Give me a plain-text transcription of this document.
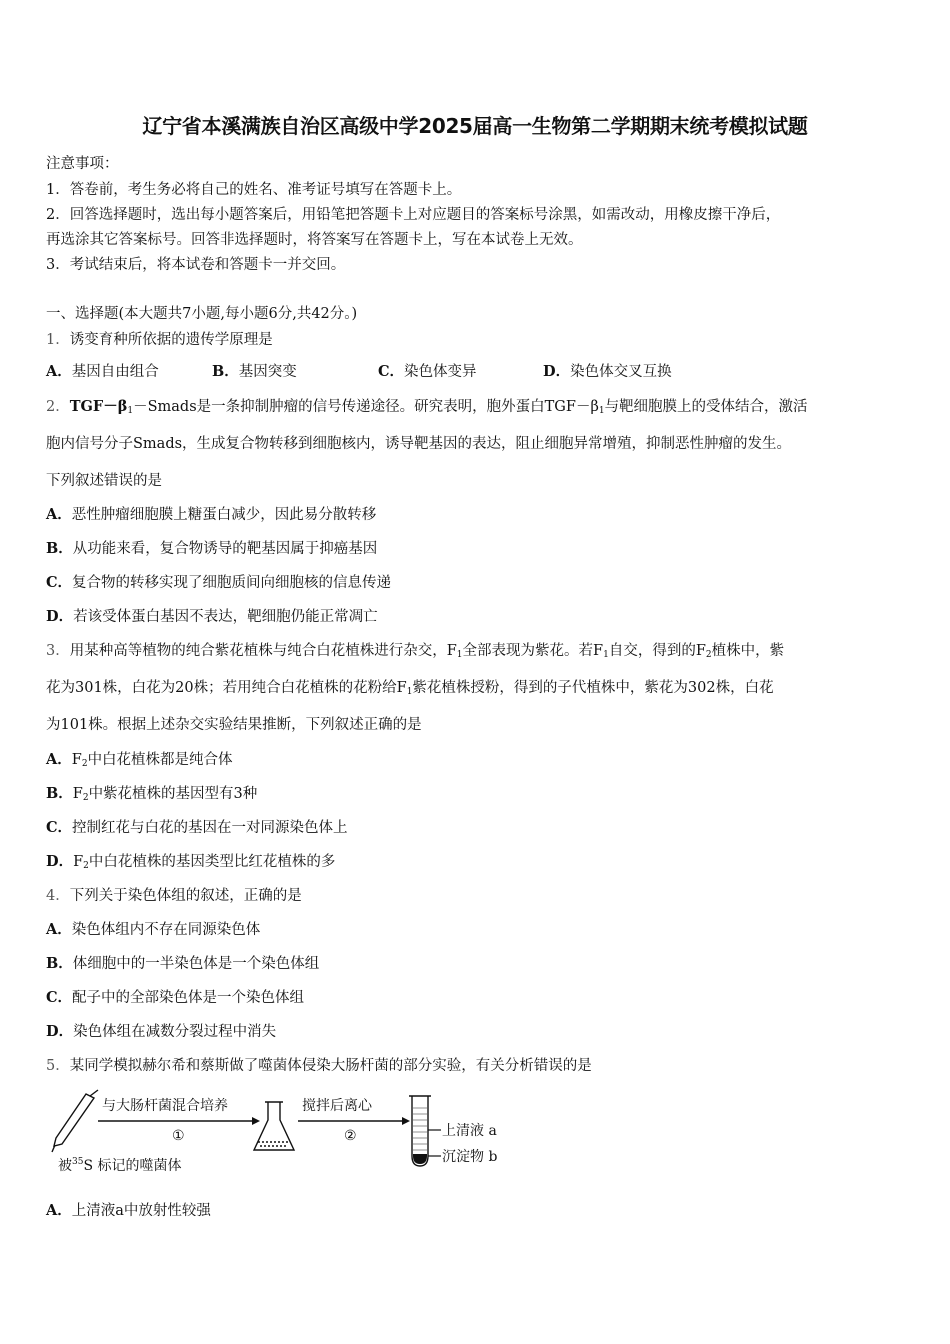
辽宁省本溪满族自治区高级中学2025届高一生物第二学期期末统考模拟试题
注意事项：
1．答卷前，考生务必将自己的姓名、准考证号填写在答题卡上。
2．回答选择题时，选出每小题答案后，用铅笔把答题卡上对应题目的答案标号涂黑，如需改动，用橡皮擦干净后，
再选涂其它答案标号。回答非选择题时，将答案写在答题卡上，写在本试卷上无效。
3．考试结束后，将本试卷和答题卡一并交回。
一、选择题(本大题共7小题,每小题6分,共42分。)
1．诱变育种所依据的遗传学原理是
A．基因自由组合	B．基因突变	C．染色体变异	D．染色体交叉互换
2．$TGF-\beta_1-Smads$是一条抑制肿瘤的信号传递途径。研究表明，胞外蛋白$TGF-\beta_1$与靶细胞膜上的受体结合，激活
胞内信号分子Smads，生成复合物转移到细胞核内，诱导靶基因的表达，阻止细胞异常增殖，抑制恶性肿瘤的发生。
下列叙述错误的是
A．恶性肿瘤细胞膜上糖蛋白减少，因此易分散转移
B．从功能来看，复合物诱导的靶基因属于抑癌基因
C．复合物的转移实现了细胞质间向细胞核的信息传递
D．若该受体蛋白基因不表达，靶细胞仍能正常凋亡
3．用某种高等植物的纯合紫花植株与纯合白花植株进行杂交，$F_1$全部表现为紫花。若$F_1$自交，得到的$F_2$植株中，紫
花为301株，白花为20株；若用纯合白花植株的花粉给$F_1$紫花植株授粉，得到的子代植株中，紫花为302株，白花
为101株。根据上述杂交实验结果推断，下列叙述正确的是
A．$F_2$中白花植株都是纯合体
B．$F_2$中紫花植株的基因型有3种
C．控制红花与白花的基因在一对同源染色体上
D．$F_2$中白花植株的基因类型比红花植株的多
4．下列关于染色体组的叙述，正确的是
A．染色体组内不存在同源染色体
B．体细胞中的一半染色体是一个染色体组
C．配子中的全部染色体是一个染色体组
D．染色体组在减数分裂过程中消失
5．某同学模拟赫尔希和蔡斯做了噬菌体侵染大肠杆菌的部分实验，有关分析错误的是
与大肠杆菌混合培养
①
搅拌后离心
②	上清液 a
沉淀物 b
被$^{35}$S 标记的噬菌体
A．上清液a中放射性较强
